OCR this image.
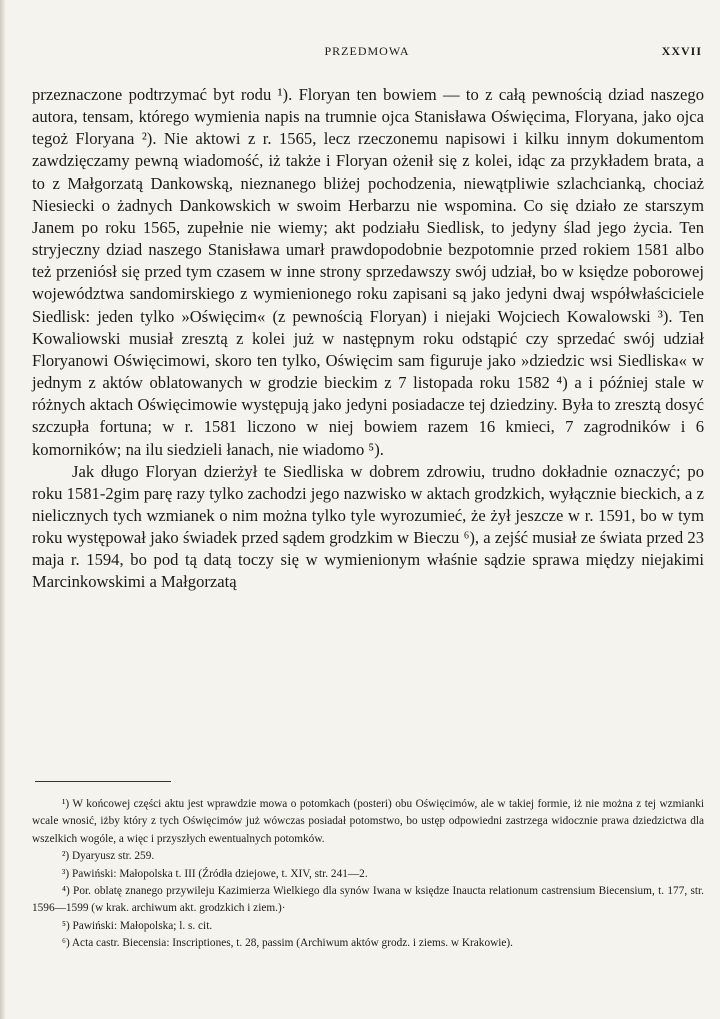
PRZEDMOWA	XXVII

przeznaczone podtrzymać byt rodu ¹). Floryan ten bowiem — to z całą pewnością dziad naszego autora, tensam, którego wymienia napis na trumnie ojca Stanisława Oświęcima, Floryana, jako ojca tegoż Floryana ²). Nie aktowi z r. 1565, lecz rzeczonemu napisowi i kilku innym dokumentom zawdzięczamy pewną wiadomość, iż także i Floryan ożenił się z kolei, idąc za przykładem brata, a to z Małgorzatą Dankowską, nieznanego bliżej pochodzenia, niewątpliwie szlachcianką, chociaż Niesiecki o żadnych Dankowskich w swoim Herbarzu nie wspomina. Co się działo ze starszym Janem po roku 1565, zupełnie nie wiemy; akt podziału Siedlisk, to jedyny ślad jego życia. Ten stryjeczny dziad naszego Stanisława umarł prawdopodobnie bezpotomnie przed rokiem 1581 albo też przeniósł się przed tym czasem w inne strony sprzedawszy swój udział, bo w księdze poborowej województwa sandomirskiego z wymienionego roku zapisani są jako jedyni dwaj współwłaściciele Siedlisk: jeden tylko »Oświęcim« (z pewnością Floryan) i niejaki Wojciech Kowalowski ³). Ten Kowaliowski musiał zresztą z kolei już w następnym roku odstąpić czy sprzedać swój udział Floryanowi Oświęcimowi, skoro ten tylko, Oświęcim sam figuruje jako »dziedzic wsi Siedliska« w jednym z aktów oblatowanych w grodzie bieckim z 7 listopada roku 1582 ⁴) a i później stale w różnych aktach Oświęcimowie występują jako jedyni posiadacze tej dziedziny. Była to zresztą dosyć szczupła fortuna; w r. 1581 liczono w niej bowiem razem 16 kmieci, 7 zagrodników i 6 komorników; na ilu siedzieli łanach, nie wiadomo ⁵).

Jak długo Floryan dzierżył te Siedliska w dobrem zdrowiu, trudno dokładnie oznaczyć; po roku 1581-2gim parę razy tylko zachodzi jego nazwisko w aktach grodzkich, wyłącznie bieckich, a z nielicznych tych wzmianek o nim można tylko tyle wyrozumieć, że żył jeszcze w r. 1591, bo w tym roku występował jako świadek przed sądem grodzkim w Bieczu ⁶), a zejść musiał ze świata przed 23 maja r. 1594, bo pod tą datą toczy się w wymienionym właśnie sądzie sprawa między niejakimi Marcinkowskimi a Małgorzatą

¹) W końcowej części aktu jest wprawdzie mowa o potomkach (posteri) obu Oświęcimów, ale w takiej formie, iż nie można z tej wzmianki wcale wnosić, iżby który z tych Oświęcimów już wówczas posiadał potomstwo, bo ustęp odpowiedni zastrzega widocznie prawa dziedzictwa dla wszelkich wogóle, a więc i przyszłych ewentualnych potomków.

²) Dyaryusz str. 259.

³) Pawiński: Małopolska t. III (Źródła dziejowe, t. XIV, str. 241—2.

⁴) Por. oblatę znanego przywileju Kazimierza Wielkiego dla synów Iwana w księdze Inaucta relationum castrensium Biecensium, t. 177, str. 1596—1599 (w krak. archiwum akt. grodzkich i ziem.)·

⁵) Pawiński: Małopolska; l. s. cit.

⁶) Acta castr. Biecensia: Inscriptiones, t. 28, passim (Archiwum aktów grodz. i ziems. w Krakowie).
